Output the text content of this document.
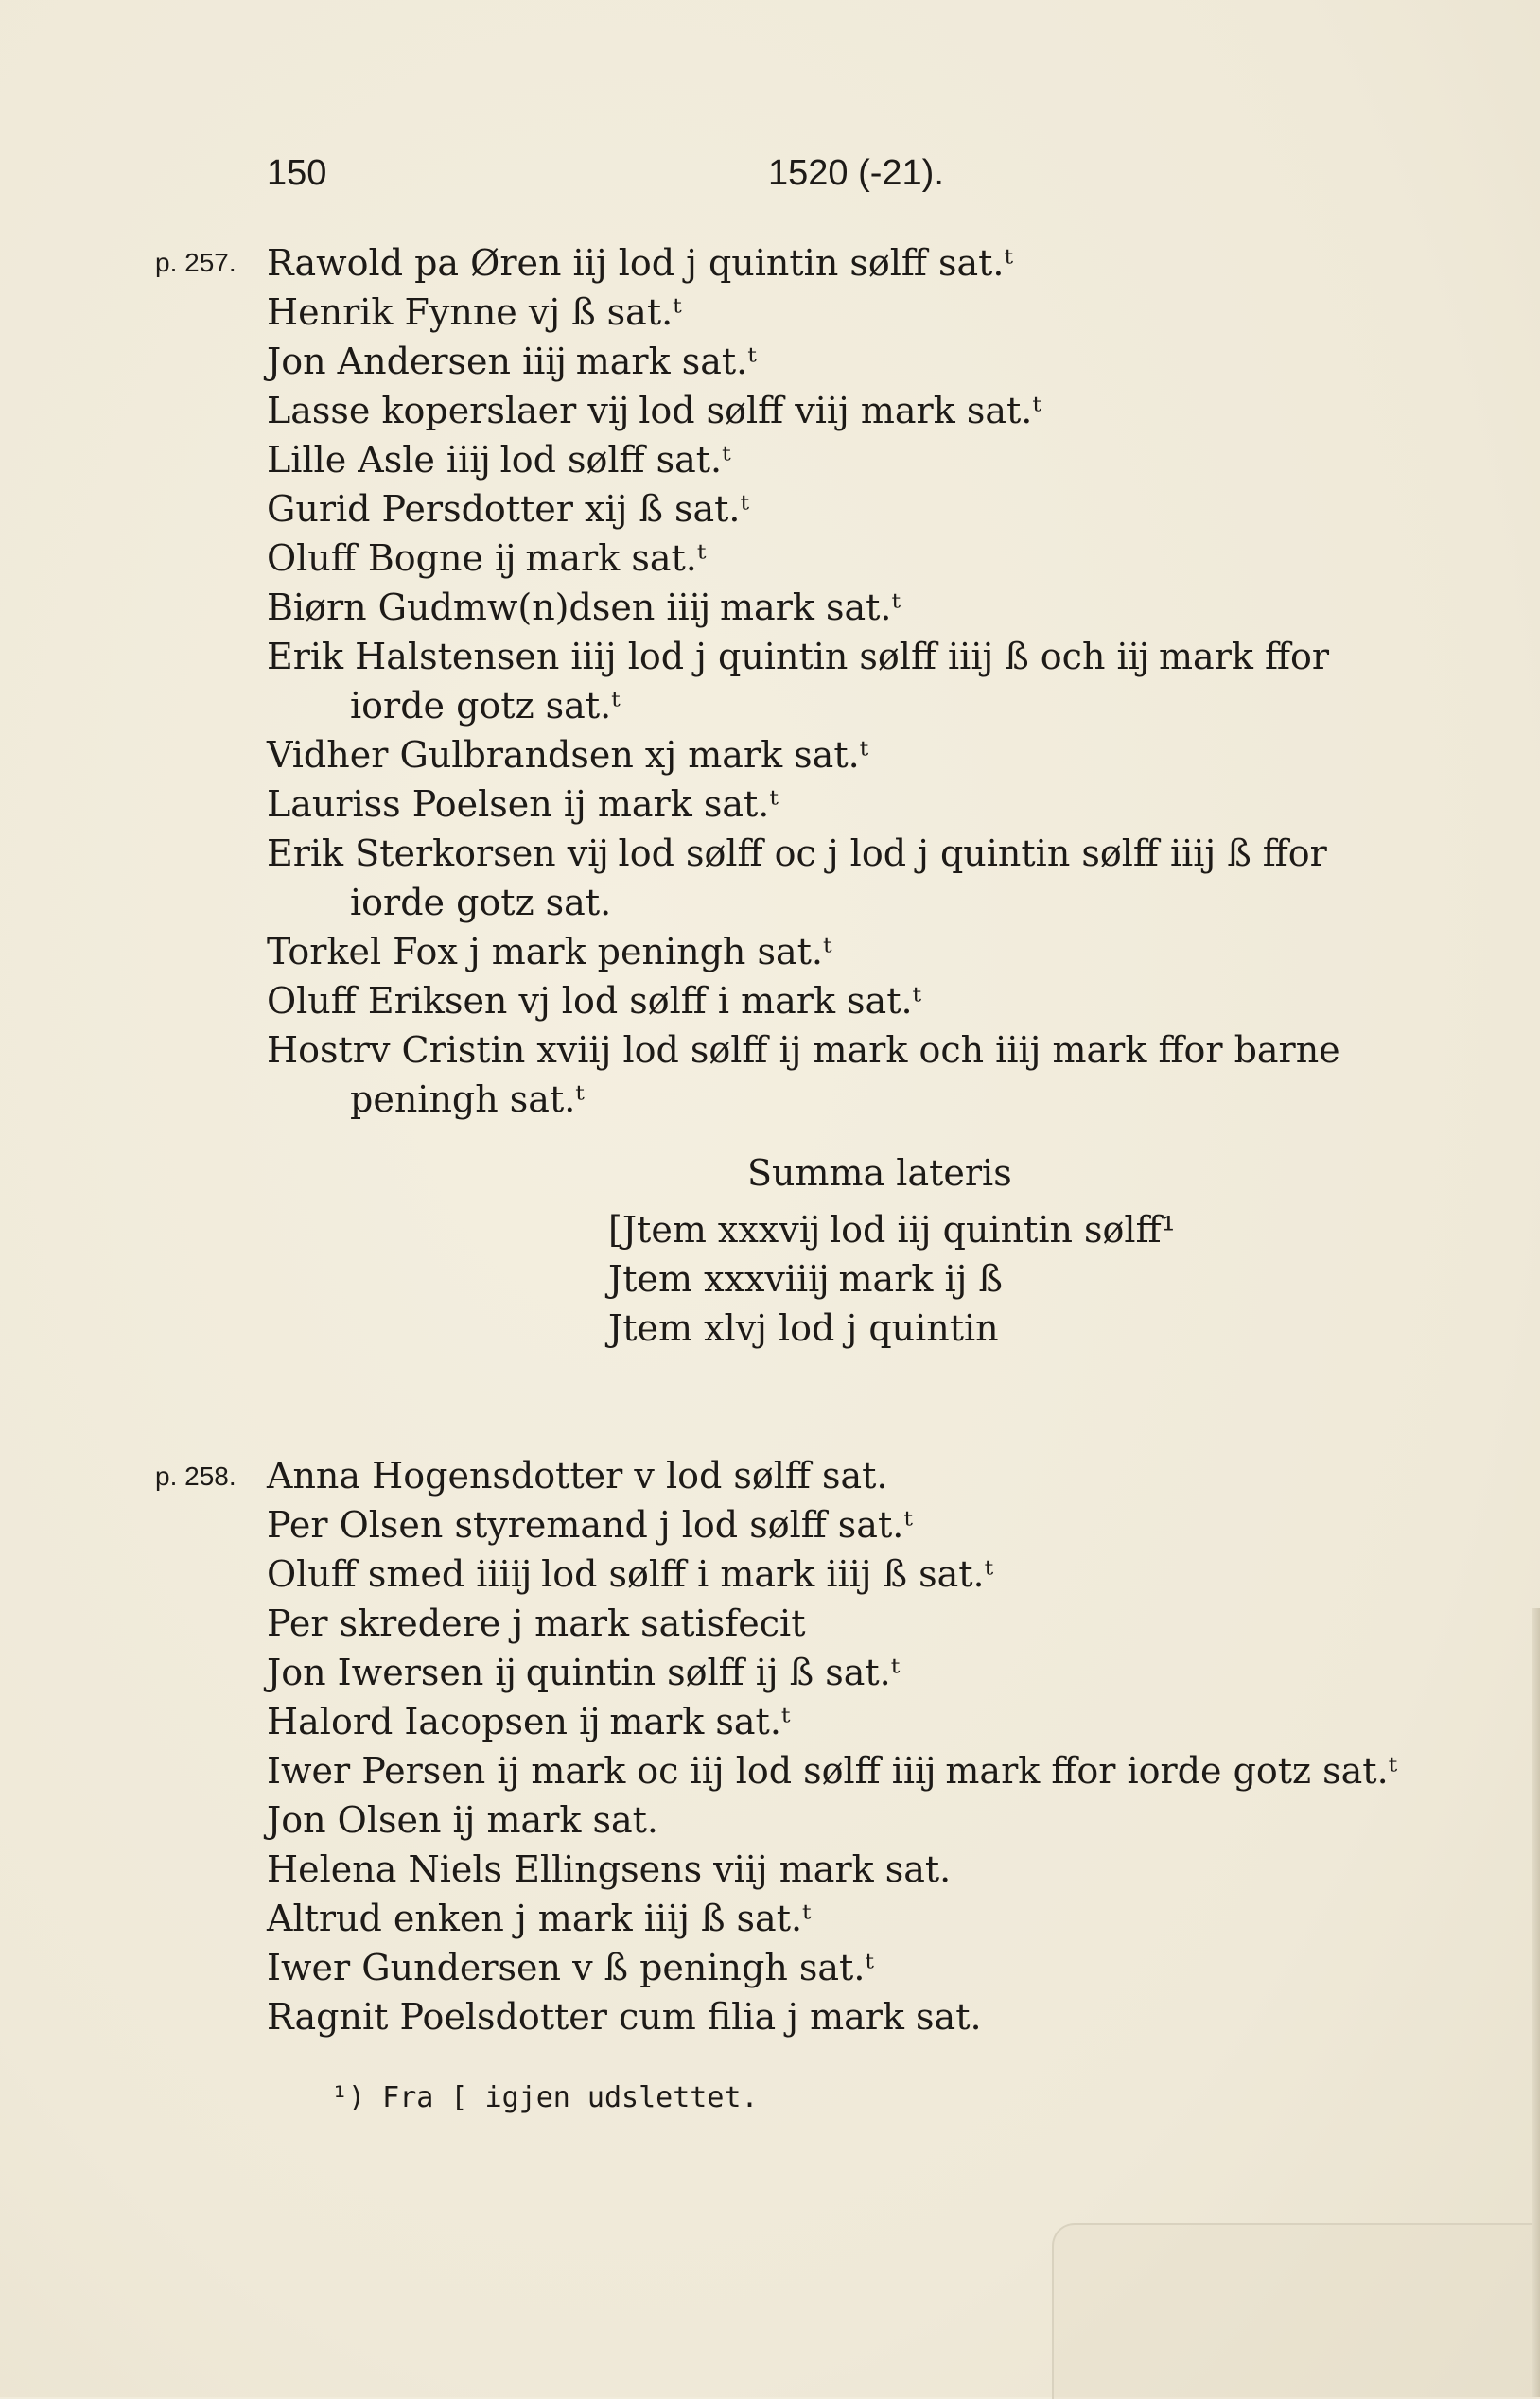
150	1520 (-21).
p. 257. Rawold pa Øren iij lod j quintin sølff sat.ᵗ
Henrik Fynne vj ß sat.ᵗ
Jon Andersen iiĳ mark sat.ᵗ
Lasse koperslaer vĳ lod sølff viij mark sat.ᵗ
Lille Asle iiĳ lod sølff sat.ᵗ
Gurid Persdotter xij ß sat.ᵗ
Oluff Bogne ĳ mark sat.ᵗ
Biørn Gudmw(n)dsen iiĳ mark sat.ᵗ
Erik Halstensen iiij lod j quintin sølff iiij ß och iĳ mark ffor
iorde gotz sat.ᵗ
Vidher Gulbrandsen xj mark sat.ᵗ
Lauriss Poelsen ij mark sat.ᵗ
Erik Sterkorsen vĳ lod sølff oc j lod j quintin sølff iiij ß ffor
iorde gotz sat.
Torkel Fox j mark peningh sat.ᵗ
Oluff Eriksen vj lod sølff i mark sat.ᵗ
Hostrv Cristin xviij lod sølff ij mark och iiij mark ffor barne
peningh sat.ᵗ
Summa lateris
[Jtem xxxvĳ lod iij quintin sølff¹
Jtem xxxviiĳ mark ij ß
Jtem xlvj lod j quintin
p. 258. Anna Hogensdotter v lod sølff sat.
Per Olsen styremand j lod sølff sat.ᵗ
Oluff smed iiiĳ lod sølff i mark iiij ß sat.ᵗ
Per skredere j mark satisfecit
Jon Iwersen ĳ quintin sølff ij ß sat.ᵗ
Halord Iacopsen ĳ mark sat.ᵗ
Iwer Persen ij mark oc iij lod sølff iiĳ mark ffor iorde gotz sat.ᵗ
Jon Olsen ij mark sat.
Helena Niels Ellingsens viij mark sat.
Altrud enken j mark iiij ß sat.ᵗ
Iwer Gundersen v ß peningh sat.ᵗ
Ragnit Poelsdotter cum filia j mark sat.
¹) Fra [ igjen udslettet.
